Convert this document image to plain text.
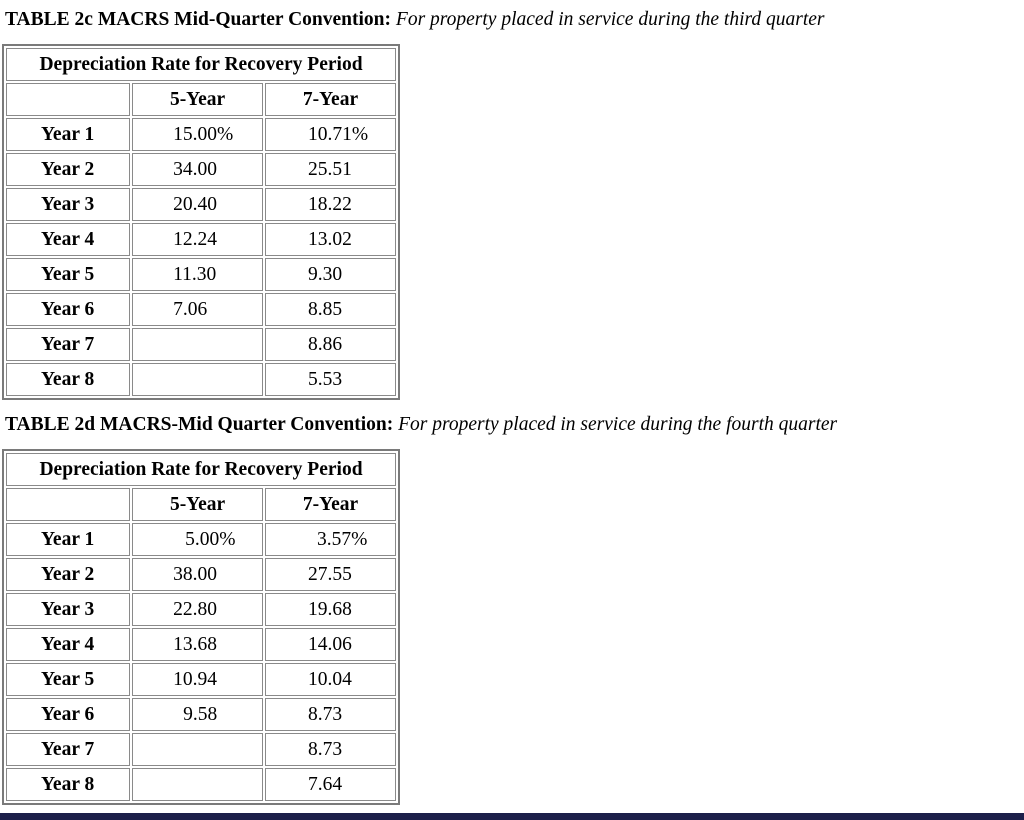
TABLE 2c MACRS Mid-Quarter Convention: For property placed in service during the third quarter
Depreciation Rate for Recovery Period		
	5-Year	7-Year
Year 1	15.00%	10.71%
Year 2	34.00	25.51
Year 3	20.40	18.22
Year 4	12.24	13.02
Year 5	11.30	9.30
Year 6	7.06	8.85
Year 7		8.86
Year 8		5.53
TABLE 2d MACRS-Mid Quarter Convention: For property placed in service during the fourth quarter
Depreciation Rate for Recovery Period		
	5-Year	7-Year
Year 1	5.00%	3.57%
Year 2	38.00	27.55
Year 3	22.80	19.68
Year 4	13.68	14.06
Year 5	10.94	10.04
Year 6	9.58	8.73
Year 7		8.73
Year 8		7.64
